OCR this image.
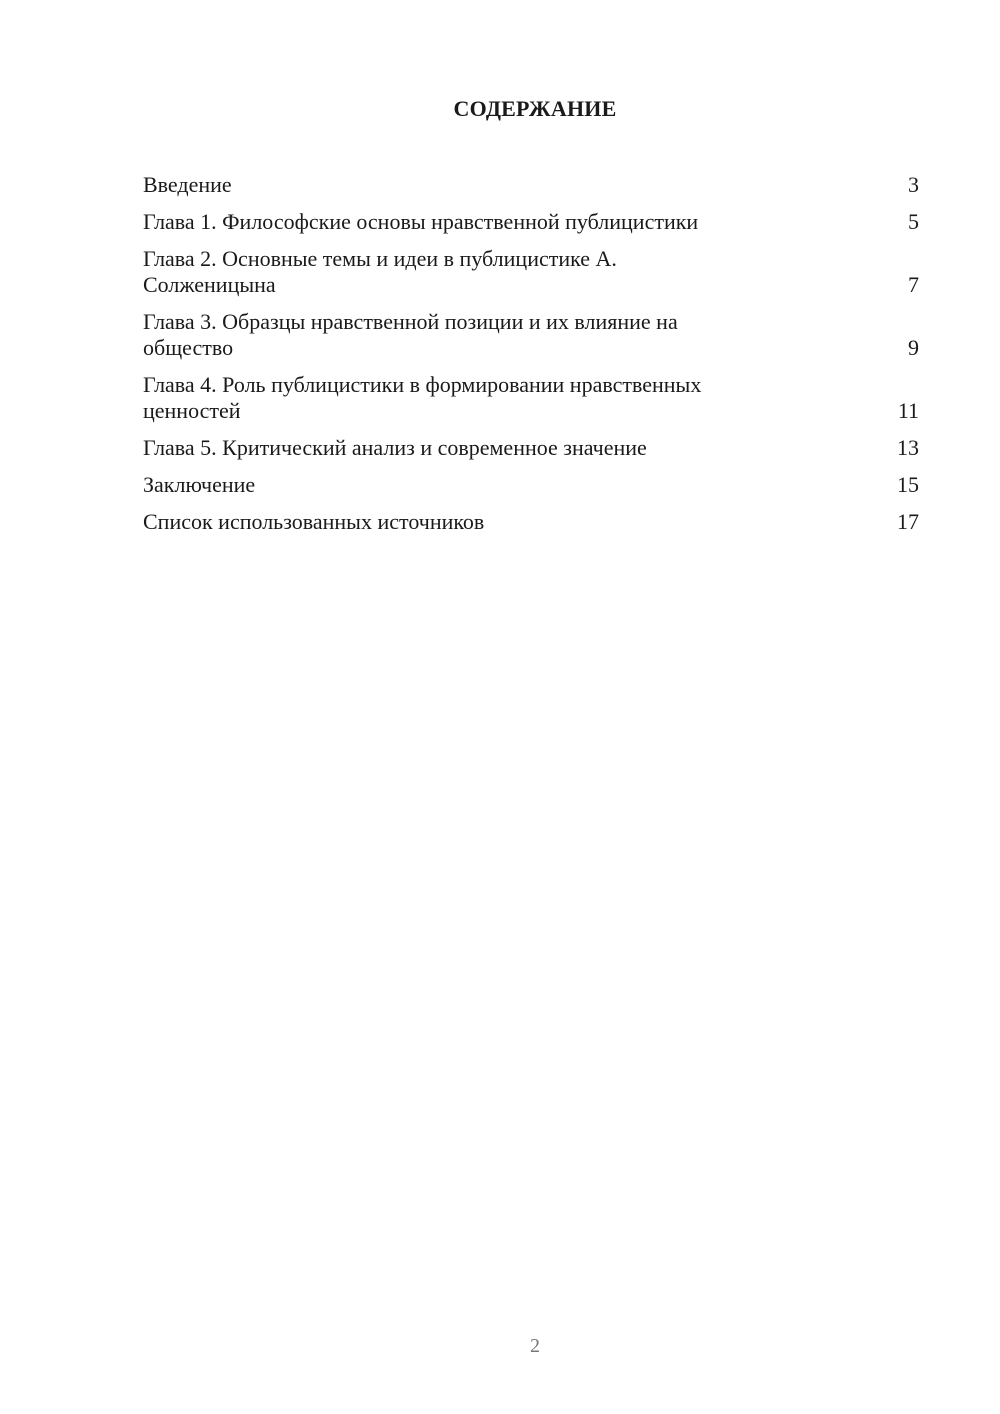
СОДЕРЖАНИЕ
Введение	3
Глава 1. Философские основы нравственной публицистики	5
Глава 2. Основные темы и идеи в публицистике А.
Солженицына	7
Глава 3. Образцы нравственной позиции и их влияние на
общество	9
Глава 4. Роль публицистики в формировании нравственных
ценностей	11
Глава 5. Критический анализ и современное значение	13
Заключение	15
Список использованных источников	17
2
